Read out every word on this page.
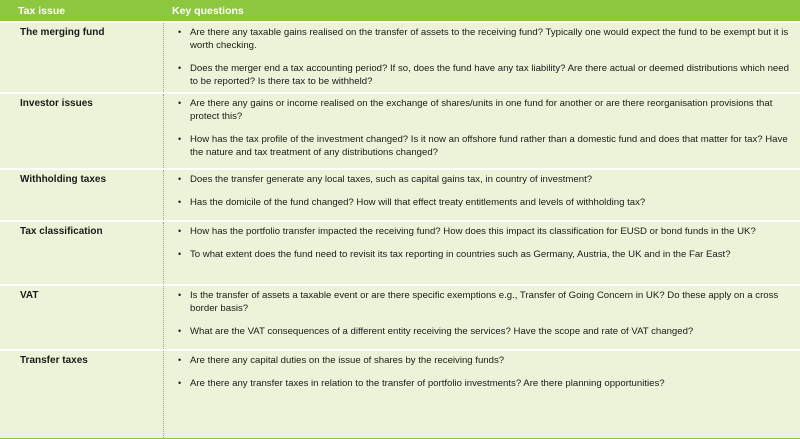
Tax issue	Key questions
The merging fund	• Are there any taxable gains realised on the transfer of assets to the receiving fund? Typically one would expect the fund to be exempt but it is worth checking.
• Does the merger end a tax accounting period? If so, does the fund have any tax liability? Are there actual or deemed distributions which need to be reported? Is there tax to be withheld?
Investor issues	• Are there any gains or income realised on the exchange of shares/units in one fund for another or are there reorganisation provisions that protect this?
• How has the tax profile of the investment changed? Is it now an offshore fund rather than a domestic fund and does that matter for tax? Have the nature and tax treatment of any distributions changed?
Withholding taxes	• Does the transfer generate any local taxes, such as capital gains tax, in country of investment?
• Has the domicile of the fund changed? How will that effect treaty entitlements and levels of withholding tax?
Tax classification	• How has the portfolio transfer impacted the receiving fund? How does this impact its classification for EUSD or bond funds in the UK?
• To what extent does the fund need to revisit its tax reporting in countries such as Germany, Austria, the UK and in the Far East?
VAT	• Is the transfer of assets a taxable event or are there specific exemptions e.g., Transfer of Going Concern in UK? Do these apply on a cross border basis?
• What are the VAT consequences of a different entity receiving the services? Have the scope and rate of VAT changed?
Transfer taxes	• Are there any capital duties on the issue of shares by the receiving funds?
• Are there any transfer taxes in relation to the transfer of portfolio investments? Are there planning opportunities?
